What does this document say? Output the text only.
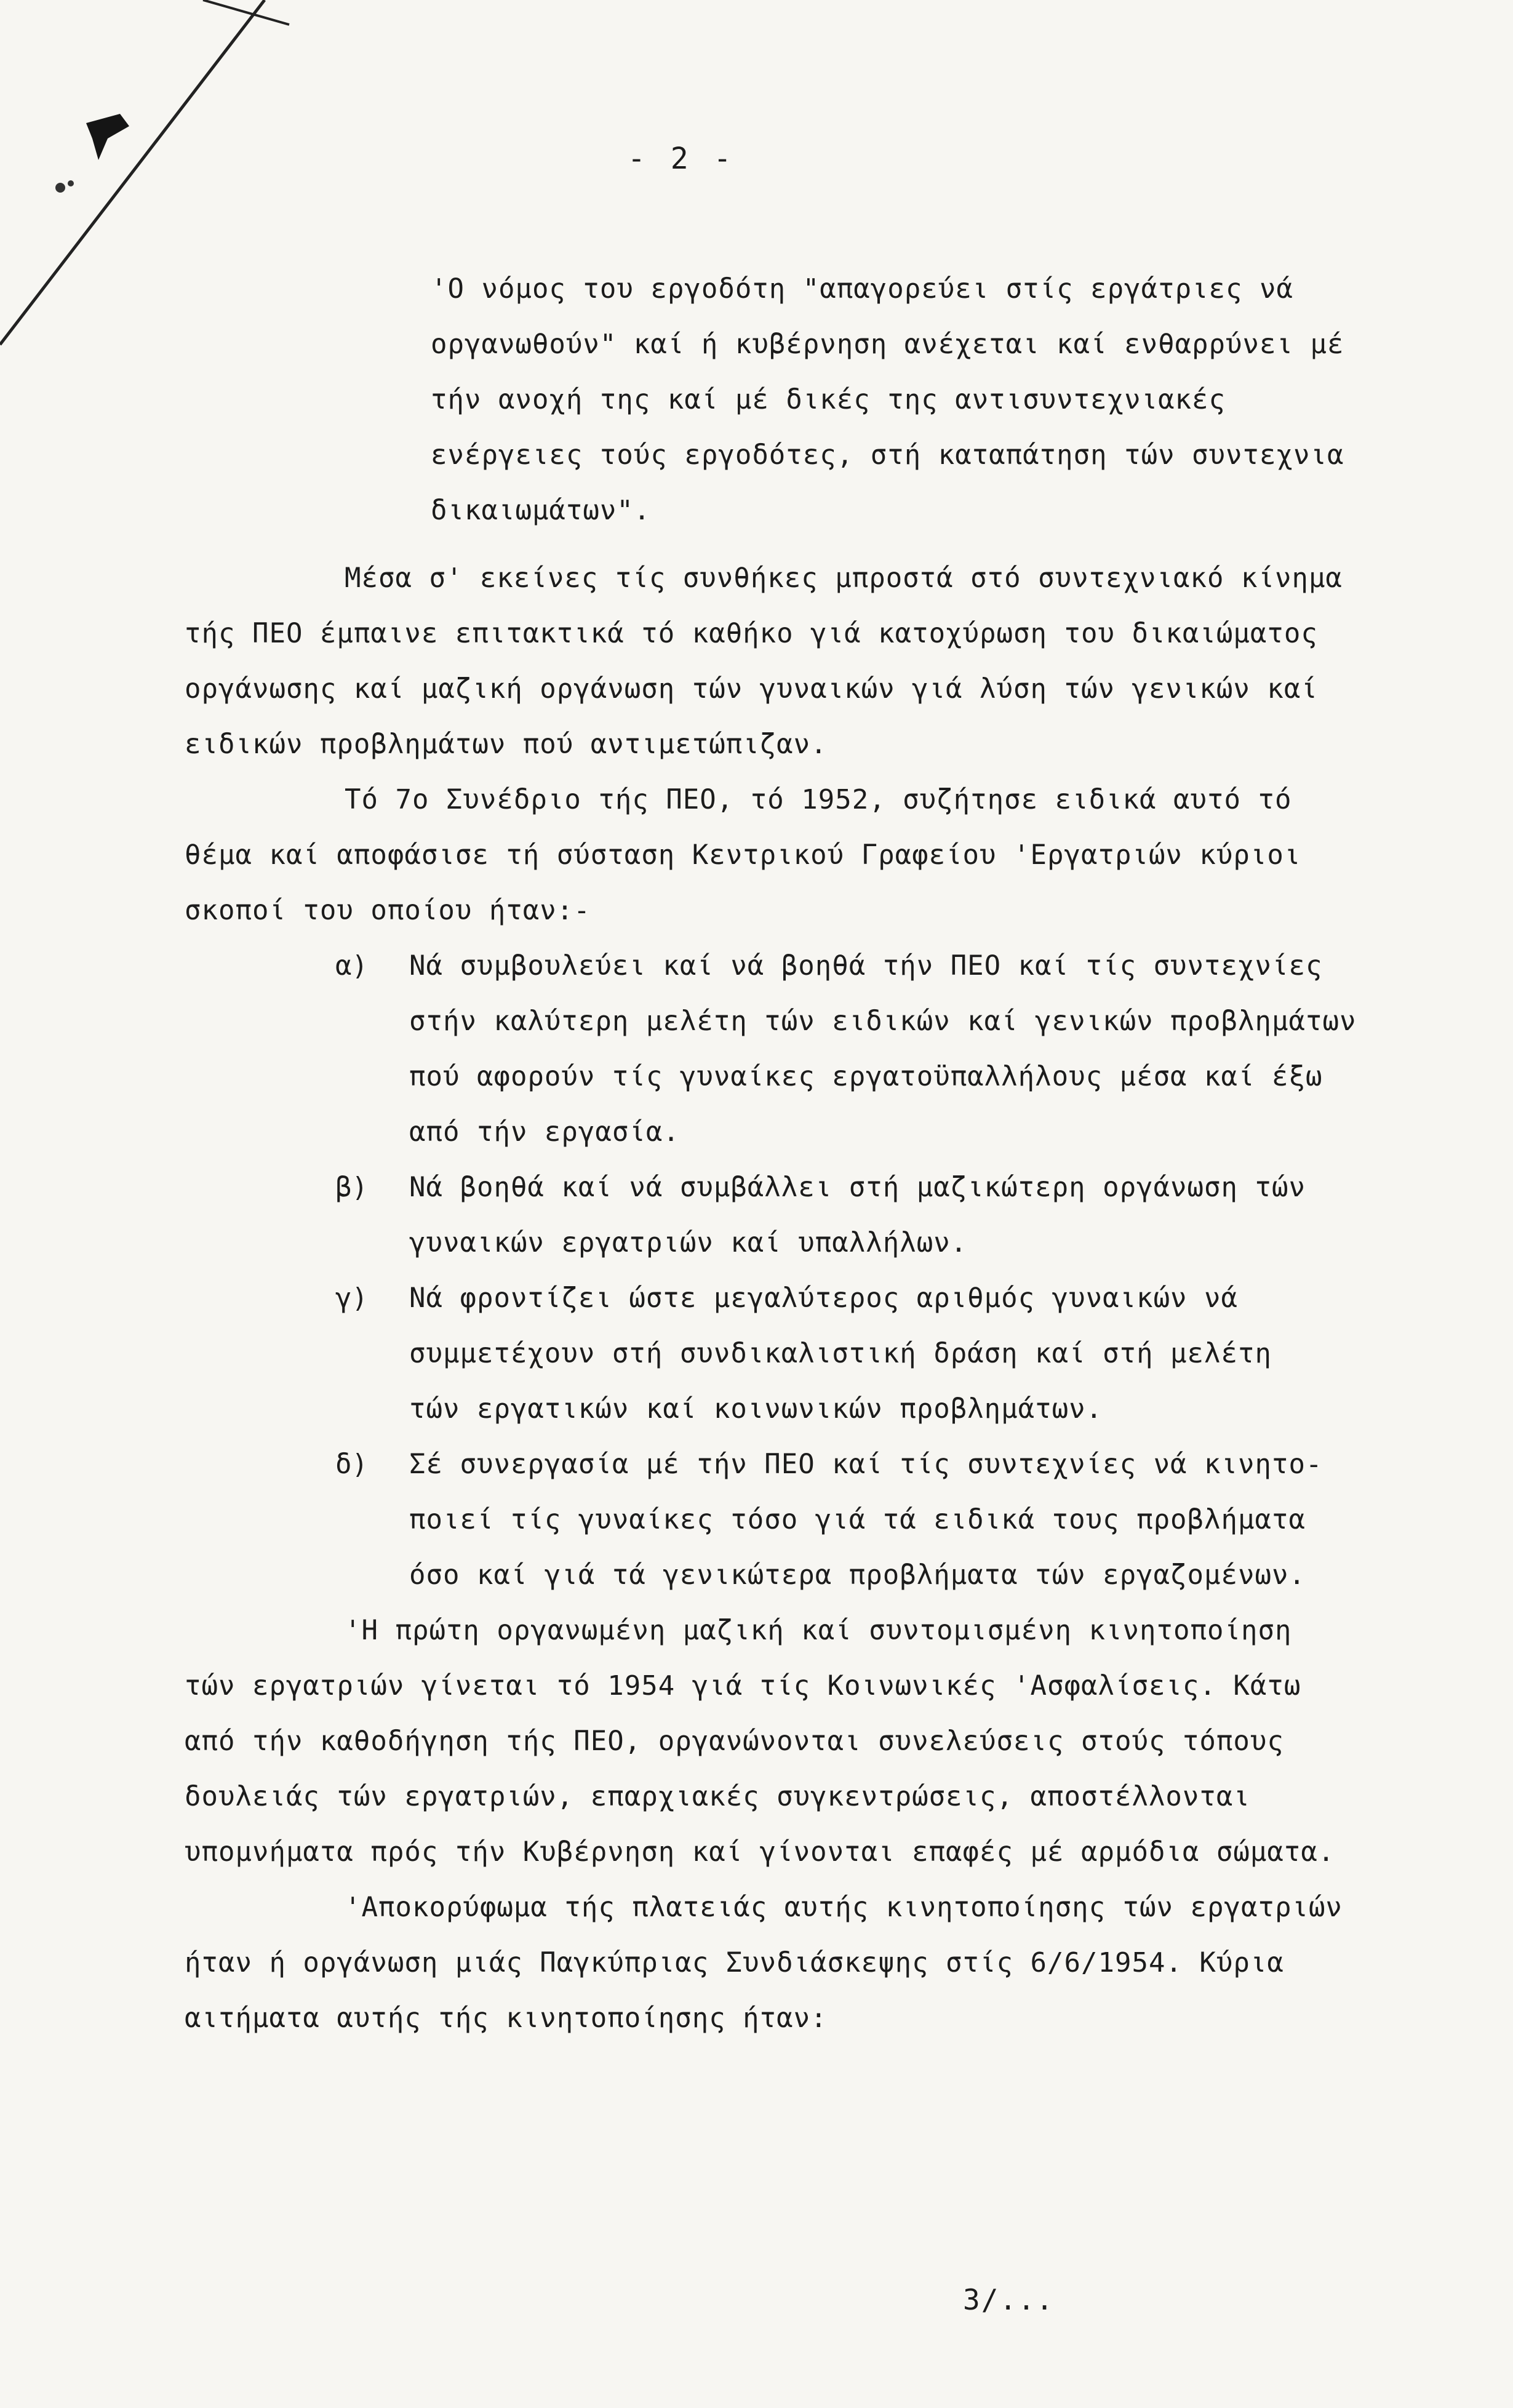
- 2 -
'Ο νόμος του εργοδότη "απαγορεύει στίς εργάτριες νά
οργανωθούν" καί ή κυβέρνηση ανέχεται καί ενθαρρύνει μέ
τήν ανοχή της καί μέ δικές της αντισυντεχνιακές
ενέργειες τούς εργοδότες, στή καταπάτηση τών συντεχνια
δικαιωμάτων".
Μέσα σ' εκείνες τίς συνθήκες μπροστά στό συντεχνιακό κίνημα
τής ΠΕΟ έμπαινε επιτακτικά τό καθήκο γιά κατοχύρωση του δικαιώματος
οργάνωσης καί μαζική οργάνωση τών γυναικών γιά λύση τών γενικών καί
ειδικών προβλημάτων πού αντιμετώπιζαν.
Τό 7ο Συνέδριο τής ΠΕΟ, τό 1952, συζήτησε ειδικά αυτό τό
θέμα καί αποφάσισε τή σύσταση Κεντρικού Γραφείου 'Εργατριών κύριοι
σκοποί του οποίου ήταν:-
α) Νά συμβουλεύει καί νά βοηθά τήν ΠΕΟ καί τίς συντεχνίες
στήν καλύτερη μελέτη τών ειδικών καί γενικών προβλημάτων
πού αφορούν τίς γυναίκες εργατοϋπαλλήλους μέσα καί έξω
από τήν εργασία.
β) Νά βοηθά καί νά συμβάλλει στή μαζικώτερη οργάνωση τών
γυναικών εργατριών καί υπαλλήλων.
γ) Νά φροντίζει ώστε μεγαλύτερος αριθμός γυναικών νά
συμμετέχουν στή συνδικαλιστική δράση καί στή μελέτη
τών εργατικών καί κοινωνικών προβλημάτων.
δ) Σέ συνεργασία μέ τήν ΠΕΟ καί τίς συντεχνίες νά κινητο-
ποιεί τίς γυναίκες τόσο γιά τά ειδικά τους προβλήματα
όσο καί γιά τά γενικώτερα προβλήματα τών εργαζομένων.
'Η πρώτη οργανωμένη μαζική καί συντομισμένη κινητοποίηση
τών εργατριών γίνεται τό 1954 γιά τίς Κοινωνικές 'Ασφαλίσεις. Κάτω
από τήν καθοδήγηση τής ΠΕΟ, οργανώνονται συνελεύσεις στούς τόπους
δουλειάς τών εργατριών, επαρχιακές συγκεντρώσεις, αποστέλλονται
υπομνήματα πρός τήν Κυβέρνηση καί γίνονται επαφές μέ αρμόδια σώματα.
'Αποκορύφωμα τής πλατειάς αυτής κινητοποίησης τών εργατριών
ήταν ή οργάνωση μιάς Παγκύπριας Συνδιάσκεψης στίς 6/6/1954. Κύρια
αιτήματα αυτής τής κινητοποίησης ήταν:
3/...
